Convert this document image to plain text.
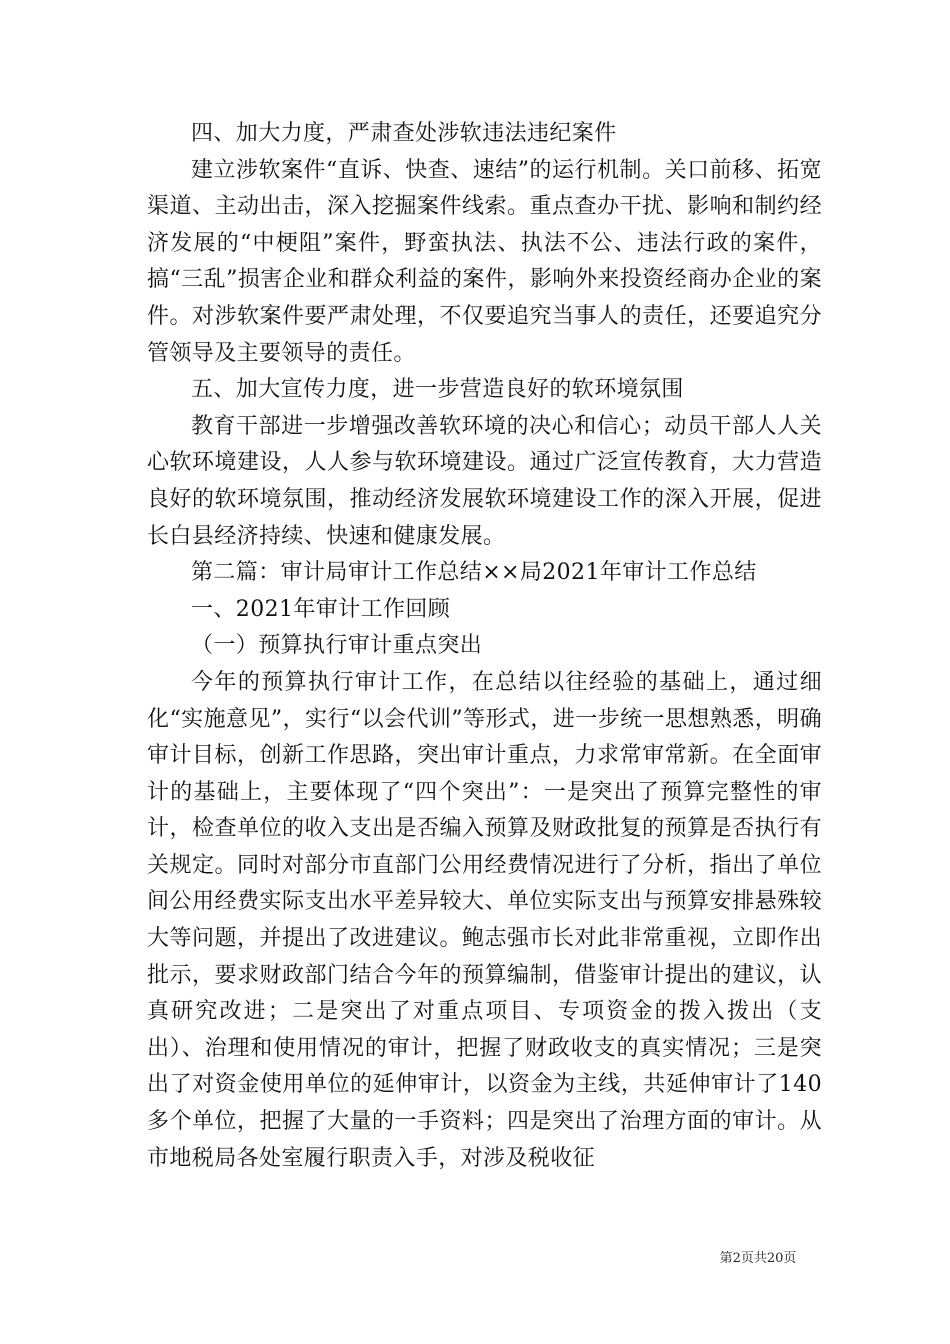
四、加大力度，严肃查处涉软违法违纪案件

建立涉软案件“直诉、快查、速结”的运行机制。关口前移、拓宽渠道、主动出击，深入挖掘案件线索。重点查办干扰、影响和制约经济发展的“中梗阻”案件，野蛮执法、执法不公、违法行政的案件，搞“三乱”损害企业和群众利益的案件，影响外来投资经商办企业的案件。对涉软案件要严肃处理，不仅要追究当事人的责任，还要追究分管领导及主要领导的责任。

五、加大宣传力度，进一步营造良好的软环境氛围

教育干部进一步增强改善软环境的决心和信心；动员干部人人关心软环境建设，人人参与软环境建设。通过广泛宣传教育，大力营造良好的软环境氛围，推动经济发展软环境建设工作的深入开展，促进长白县经济持续、快速和健康发展。

第二篇：审计局审计工作总结××局2021年审计工作总结

一、2021年审计工作回顾

（一）预算执行审计重点突出

今年的预算执行审计工作，在总结以往经验的基础上，通过细化“实施意见”，实行“以会代训”等形式，进一步统一思想熟悉，明确审计目标，创新工作思路，突出审计重点，力求常审常新。在全面审计的基础上，主要体现了“四个突出”：一是突出了预算完整性的审计，检查单位的收入支出是否编入预算及财政批复的预算是否执行有关规定。同时对部分市直部门公用经费情况进行了分析，指出了单位间公用经费实际支出水平差异较大、单位实际支出与预算安排悬殊较大等问题，并提出了改进建议。鲍志强市长对此非常重视，立即作出批示，要求财政部门结合今年的预算编制，借鉴审计提出的建议，认真研究改进；二是突出了对重点项目、专项资金的拨入拨出（支出）、治理和使用情况的审计，把握了财政收支的真实情况；三是突出了对资金使用单位的延伸审计，以资金为主线，共延伸审计了140多个单位，把握了大量的一手资料；四是突出了治理方面的审计。从市地税局各处室履行职责入手，对涉及税收征

第2页共20页
